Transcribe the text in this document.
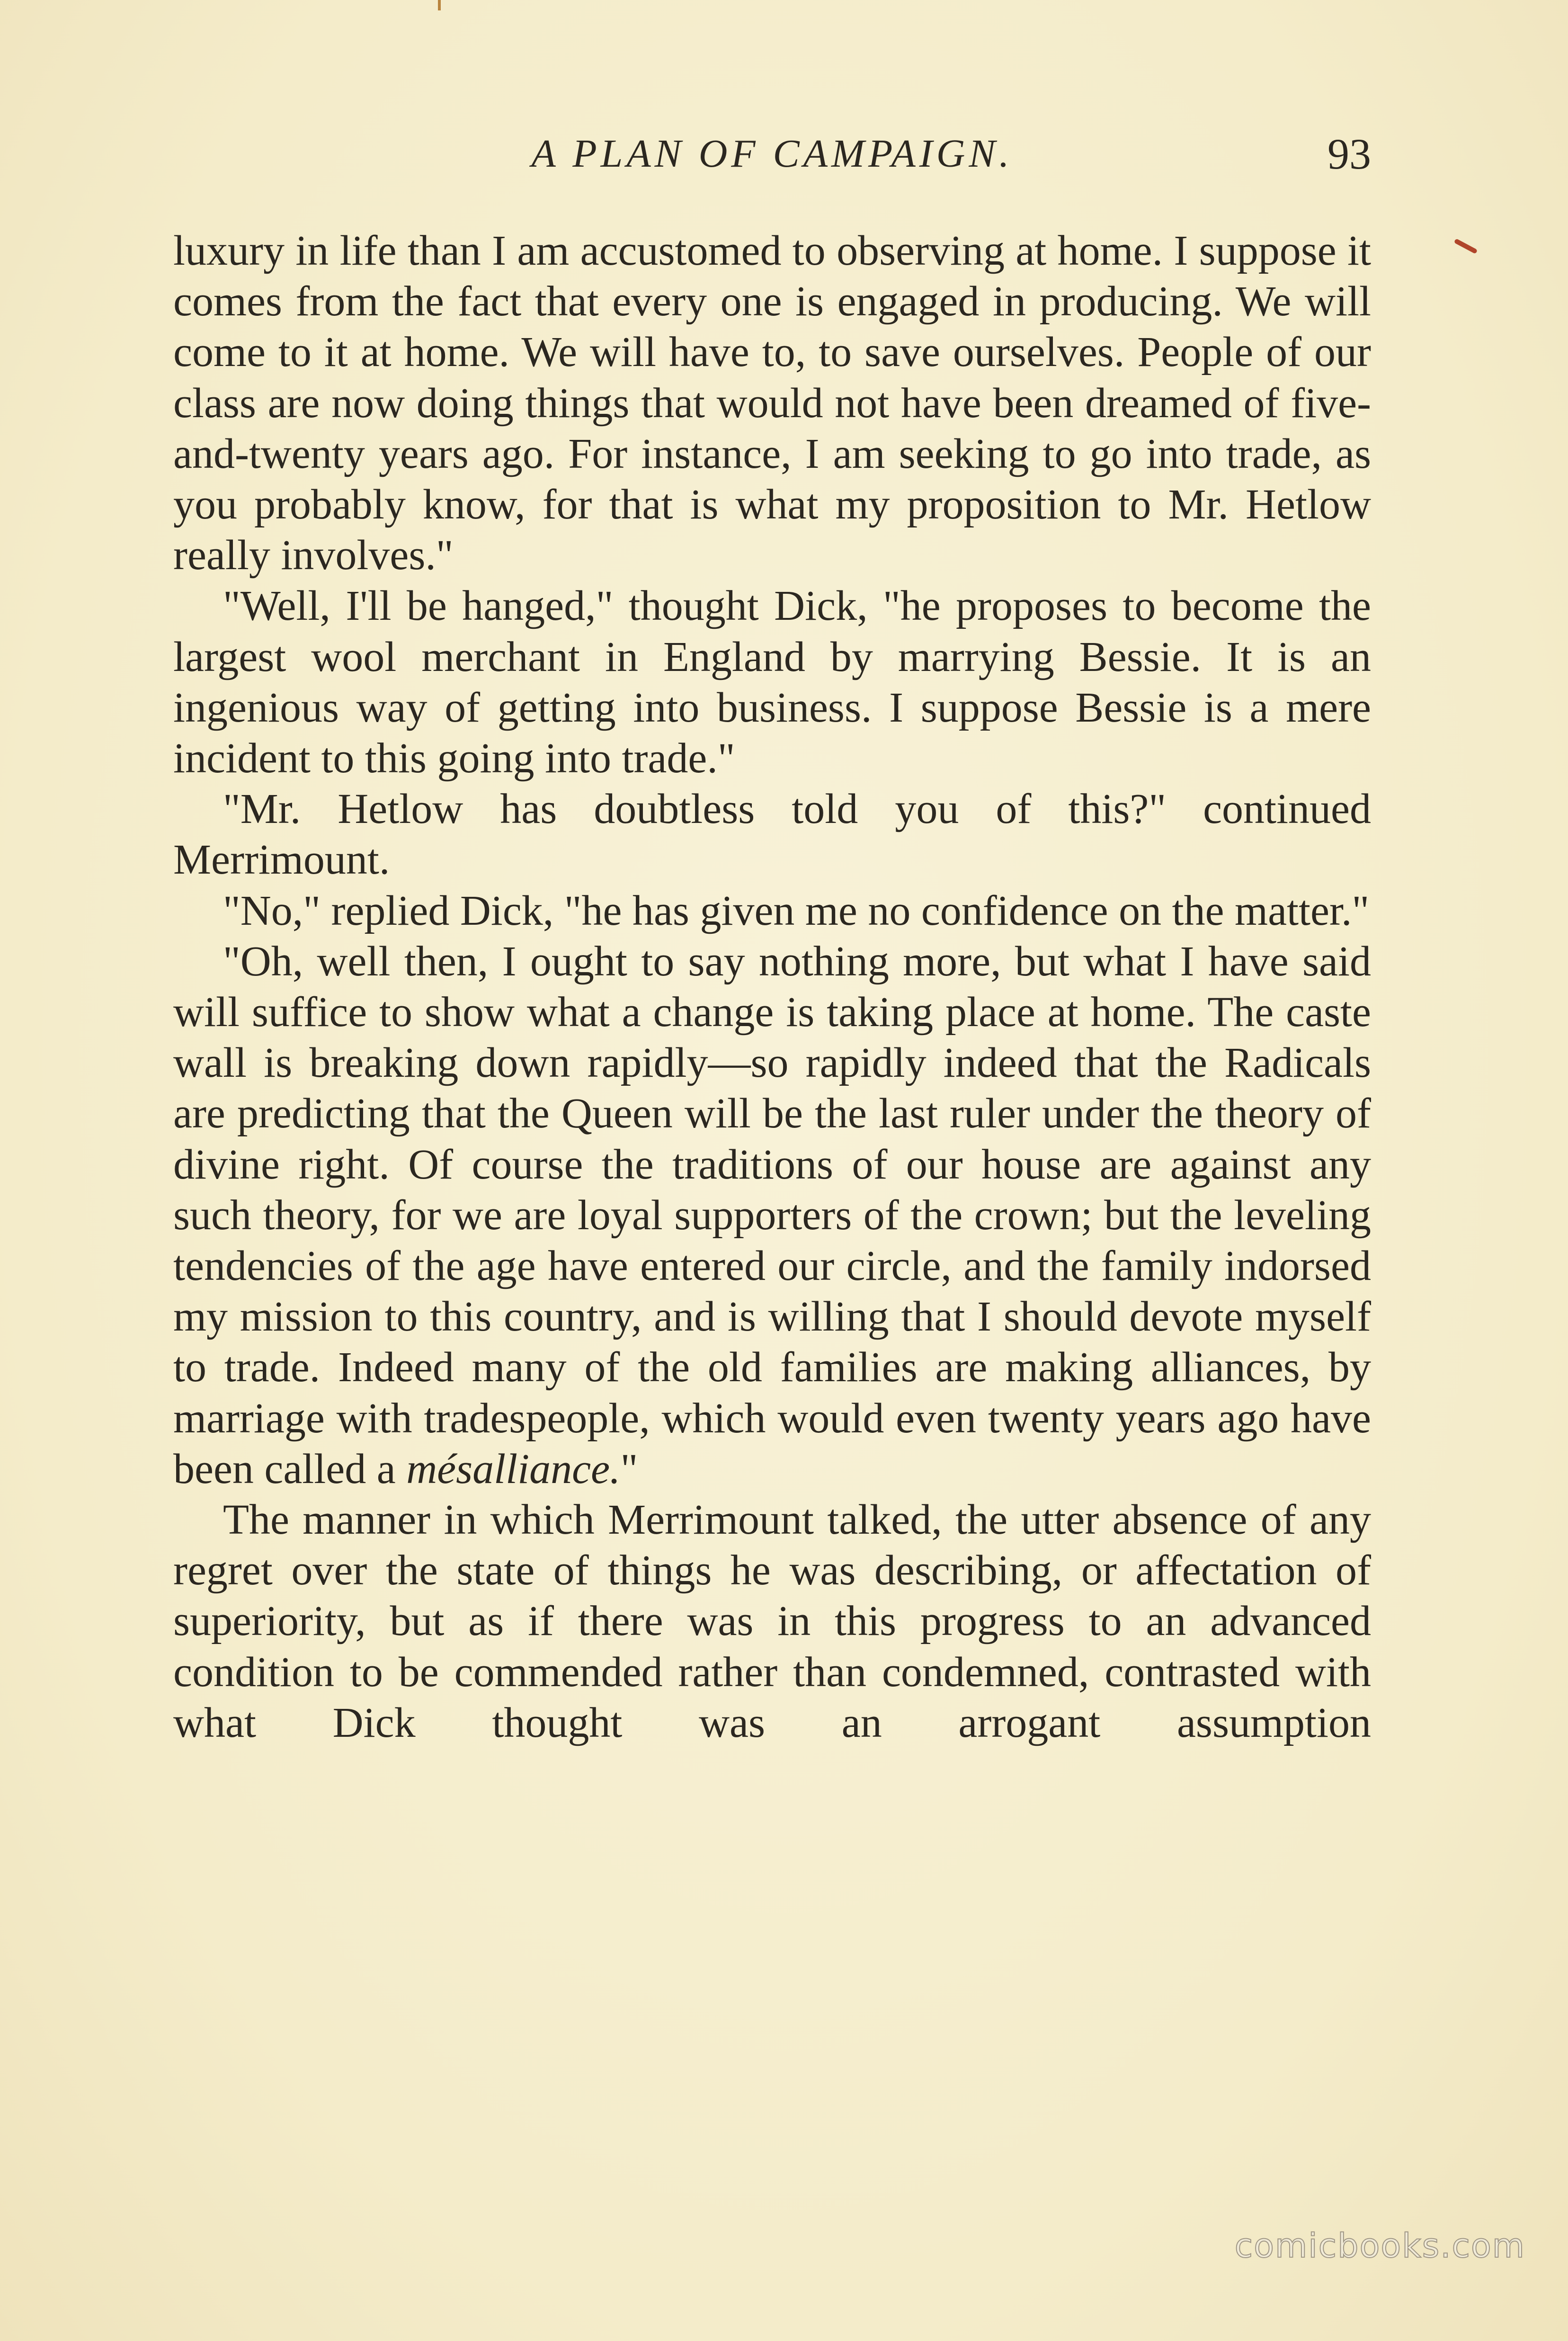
A PLAN OF CAMPAIGN.	93

luxury in life than I am accustomed to observing at home. I suppose it comes from the fact that every one is engaged in producing. We will come to it at home. We will have to, to save ourselves. People of our class are now doing things that would not have been dreamed of five-and-twenty years ago. For instance, I am seeking to go into trade, as you probably know, for that is what my proposition to Mr. Hetlow really involves."

"Well, I'll be hanged," thought Dick, "he proposes to become the largest wool merchant in England by marrying Bessie. It is an ingenious way of getting into business. I suppose Bessie is a mere incident to this going into trade."

"Mr. Hetlow has doubtless told you of this?" continued Merrimount.

"No," replied Dick, "he has given me no confidence on the matter."

"Oh, well then, I ought to say nothing more, but what I have said will suffice to show what a change is taking place at home. The caste wall is breaking down rapidly—so rapidly indeed that the Radicals are predicting that the Queen will be the last ruler under the theory of divine right. Of course the traditions of our house are against any such theory, for we are loyal supporters of the crown; but the leveling tendencies of the age have entered our circle, and the family indorsed my mission to this country, and is willing that I should devote myself to trade. Indeed many of the old families are making alliances, by marriage with tradespeople, which would even twenty years ago have been called a mésalliance."

The manner in which Merrimount talked, the utter absence of any regret over the state of things he was describing, or affectation of superiority, but as if there was in this progress to an advanced condition to be commended rather than condemned, contrasted with what Dick thought was an arrogant assumption

comicbooks.com
